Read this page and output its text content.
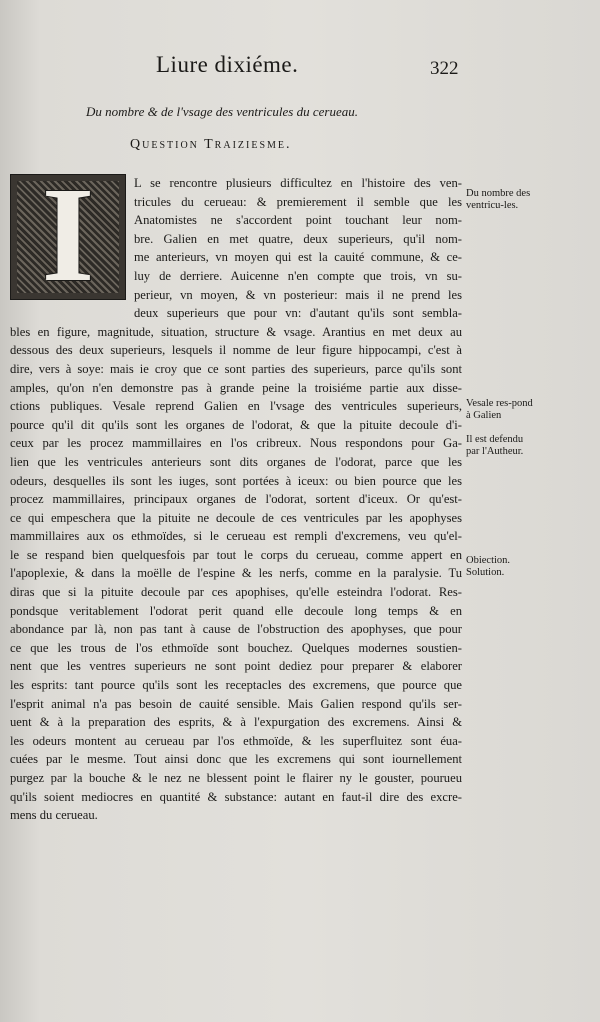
Liure dixiéme.	322
Du nombre & de l'vsage des ventricules du cerueau.
Question Traiziesme.
I	L se rencontre plusieurs difficultez en l'histoire des ven-
tricules du cerueau: & premierement il semble que les
Anatomistes ne s'accordent point touchant leur nom-
bre. Galien en met quatre, deux superieurs, qu'il nom-
me anterieurs, vn moyen qui est la cauité commune, & ce-
luy de derriere. Auicenne n'en compte que trois, vn su-
perieur, vn moyen, & vn posterieur: mais il ne prend les
deux superieurs que pour vn: d'autant qu'ils sont sembla-
bles en figure, magnitude, situation, structure & vsage. Arantius en met deux au
dessous des deux superieurs, lesquels il nomme de leur figure hippocampi, c'est à
dire, vers à soye: mais ie croy que ce sont parties des superieurs, parce qu'ils sont
amples, qu'on n'en demonstre pas à grande peine la troisiéme partie aux disse-
ctions publiques. Vesale reprend Galien en l'vsage des ventricules superieurs,
pource qu'il dit qu'ils sont les organes de l'odorat, & que la pituite decoule d'i-
ceux par les procez mammillaires en l'os cribreux. Nous respondons pour Ga-
lien que les ventricules anterieurs sont dits organes de l'odorat, parce que les
odeurs, desquelles ils sont les iuges, sont portées à iceux: ou bien pource que les
procez mammillaires, principaux organes de l'odorat, sortent d'iceux. Or qu'est-
ce qui empeschera que la pituite ne decoule de ces ventricules par les apophyses
mammillaires aux os ethmoïdes, si le cerueau est rempli d'excremens, veu qu'el-
le se respand bien quelquesfois par tout le corps du cerueau, comme appert en
l'apoplexie, & dans la moëlle de l'espine & les nerfs, comme en la paralysie. Tu
diras que si la pituite decoule par ces apophises, qu'elle esteindra l'odorat. Res-
pondsque veritablement l'odorat perit quand elle decoule long temps & en
abondance par là, non pas tant à cause de l'obstruction des apophyses, que pour
ce que les trous de l'os ethmoïde sont bouchez. Quelques modernes soustien-
nent que les ventres superieurs ne sont point dediez pour preparer & elaborer
les esprits: tant pource qu'ils sont les receptacles des excremens, que pource que
l'esprit animal n'a pas besoin de cauité sensible. Mais Galien respond qu'ils ser-
uent & à la preparation des esprits, & à l'expurgation des excremens. Ainsi &
les odeurs montent au cerueau par l'os ethmoïde, & les superfluitez sont éua-
cuées par le mesme. Tout ainsi donc que les excremens qui sont iournellement
purgez par la bouche & le nez ne blessent point le flairer ny le gouster, pourueu
qu'ils soient mediocres en quantité & substance: autant en faut-il dire des excre-
mens du cerueau.
Du nombre des ventricu-les.
Vesale res-pond à Galien
Il est defendu par l'Autheur.
Obiection. Solution.
